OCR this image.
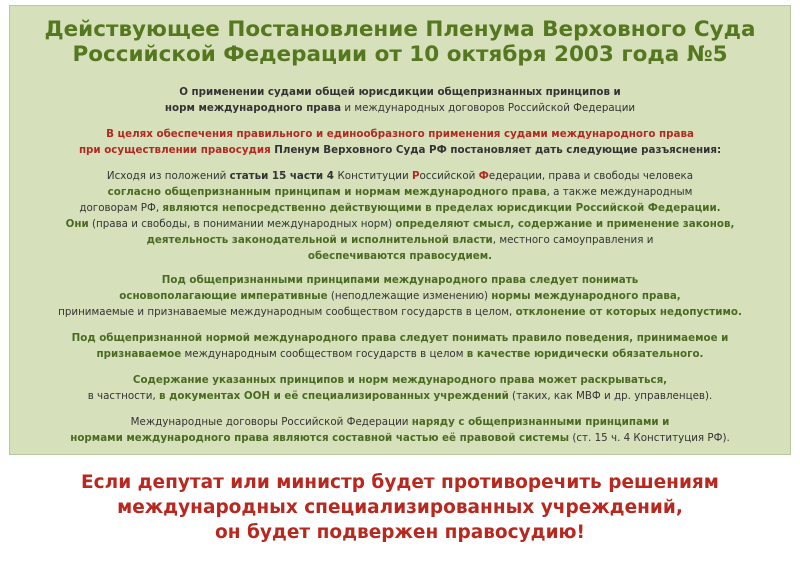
Действующее Постановление Пленума Верховного Суда
Российской Федерации от 10 октября 2003 года №5
О применении судами общей юрисдикции общепризнанных принципов и
норм международного права и международных договоров Российской Федерации
В целях обеспечения правильного и единообразного применения судами международного права
при осуществлении правосудия Пленум Верховного Суда РФ постановляет дать следующие разъяснения:
Исходя из положений статьи 15 части 4 Конституции Российской Федерации, права и свободы человека
согласно общепризнанным принципам и нормам международного права, а также международным
договорам РФ, являются непосредственно действующими в пределах юрисдикции Российской Федерации.
Они (права и свободы, в понимании международных норм) определяют смысл, содержание и применение законов,
деятельность законодательной и исполнительной власти, местного самоуправления и
обеспечиваются правосудием.
Под общепризнанными принципами международного права следует понимать
основополагающие императивные (неподлежащие изменению) нормы международного права,
принимаемые и признаваемые международным сообществом государств в целом, отклонение от которых недопустимо.
Под общепризнанной нормой международного права следует понимать правило поведения, принимаемое и
признаваемое международным сообществом государств в целом в качестве юридически обязательного.
Содержание указанных принципов и норм международного права может раскрываться,
в частности, в документах ООН и её специализированных учреждений (таких, как МВФ и др. управленцев).
Международные договоры Российской Федерации наряду с общепризнанными принципами и
нормами международного права являются составной частью её правовой системы (ст. 15 ч. 4 Конституция РФ).
Если депутат или министр будет противоречить решениям
международных специализированных учреждений,
он будет подвержен правосудию!
